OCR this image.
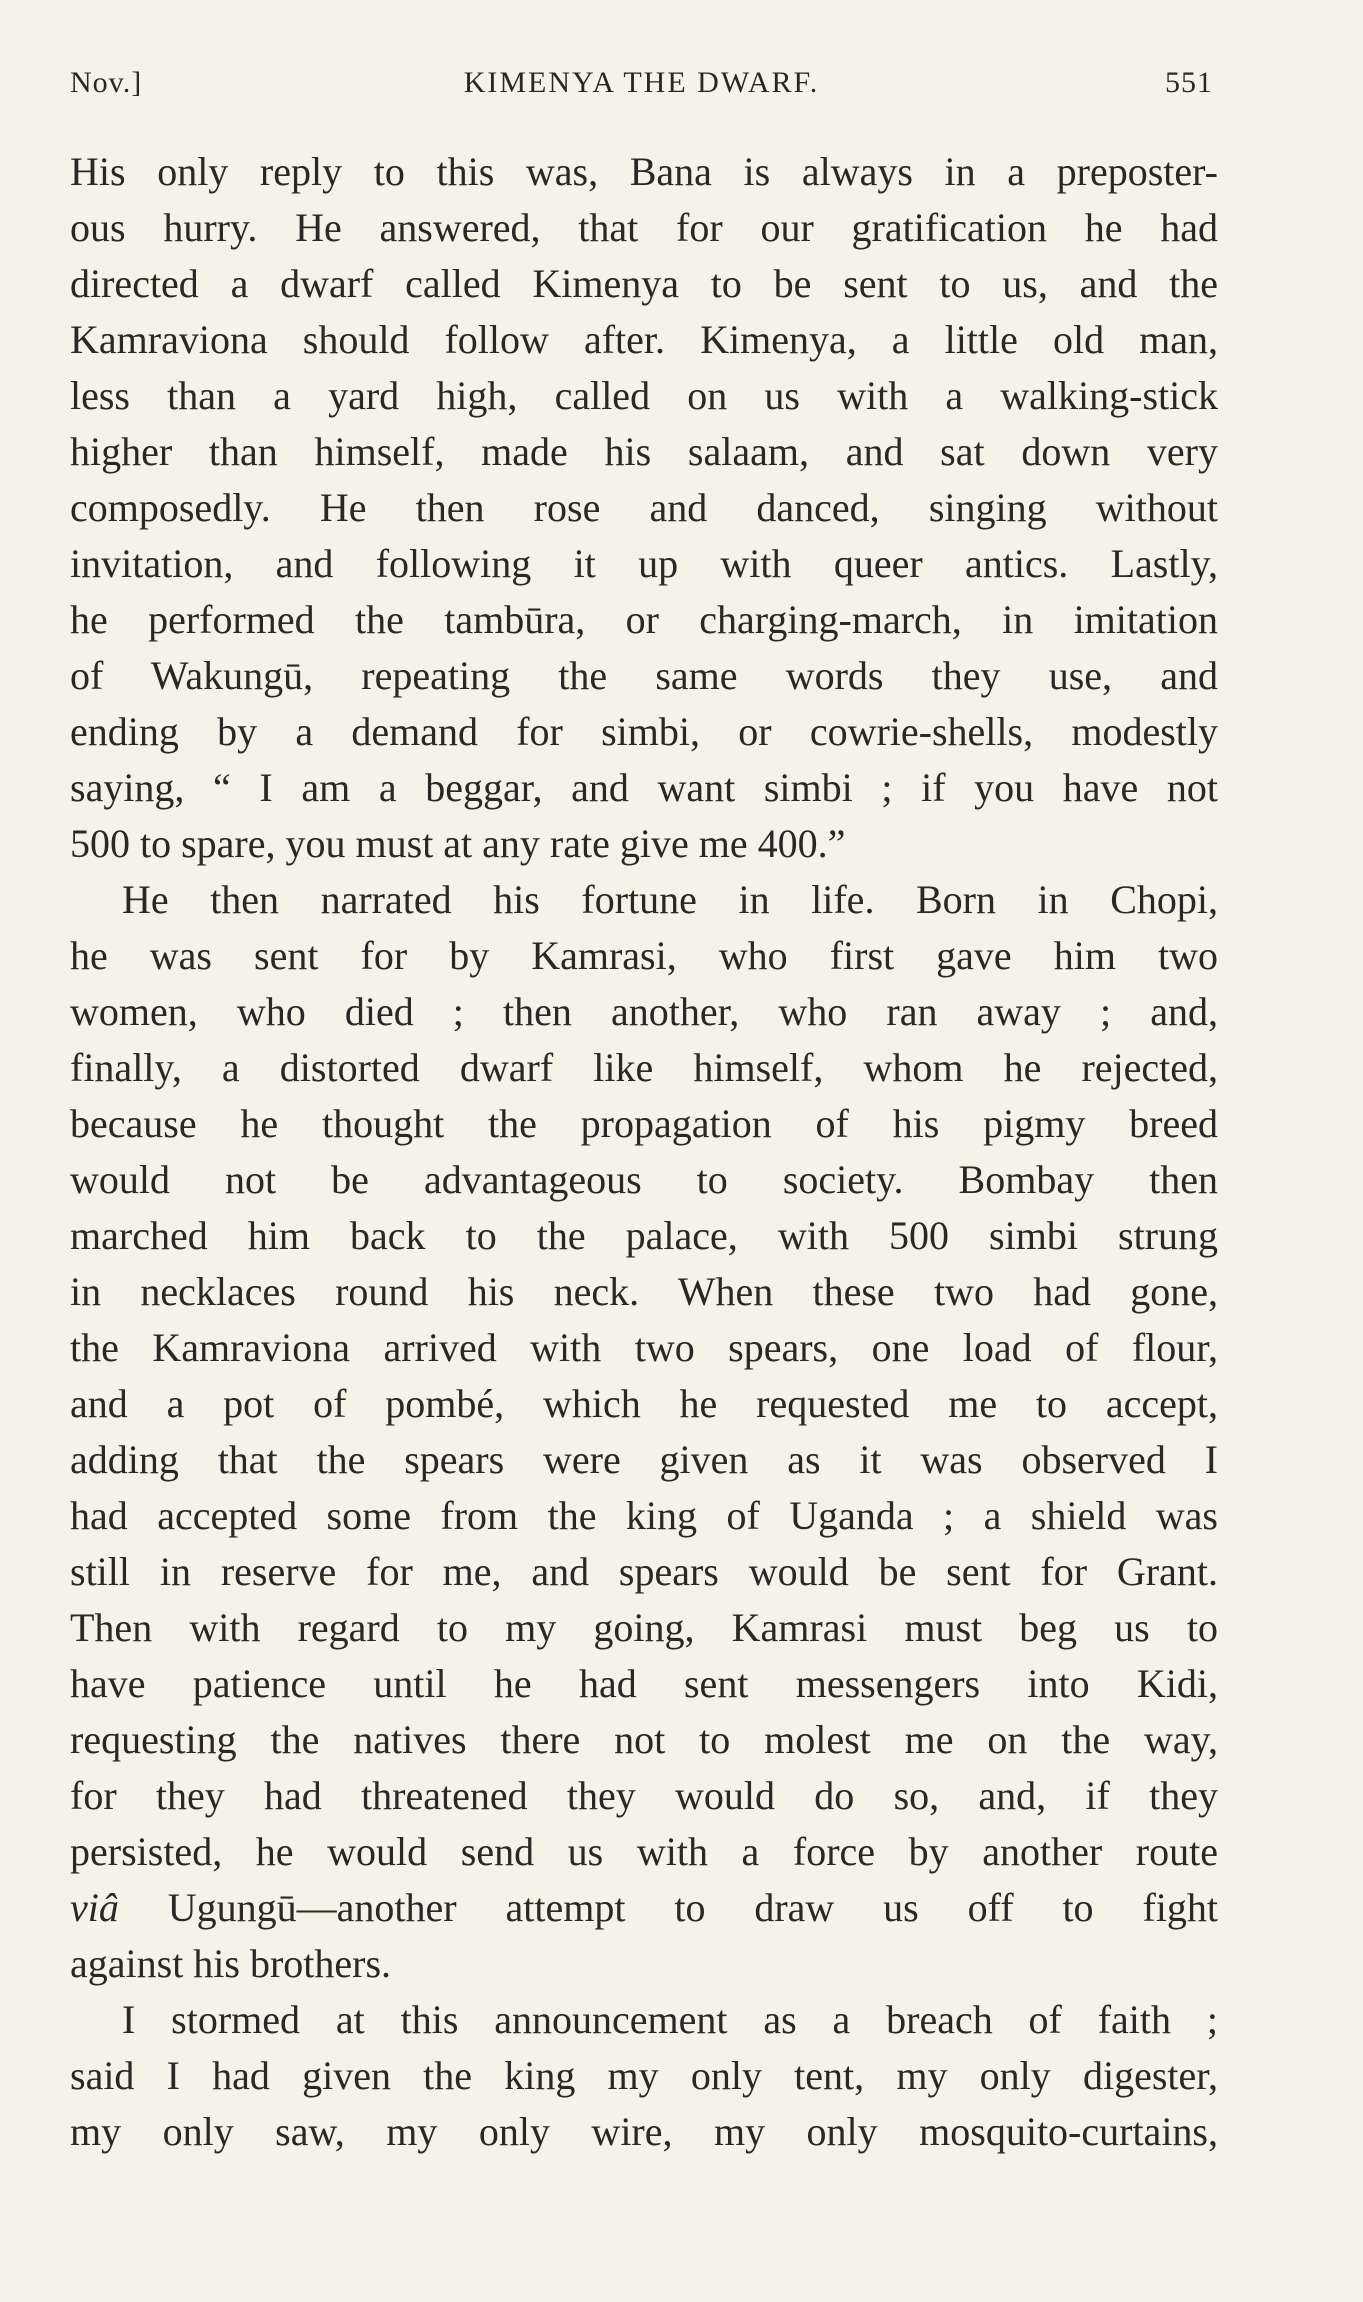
Nov.]	KIMENYA THE DWARF.	551
His only reply to this was, Bana is always in a preposter-
ous hurry. He answered, that for our gratification he had
directed a dwarf called Kimenya to be sent to us, and the
Kamraviona should follow after. Kimenya, a little old man,
less than a yard high, called on us with a walking-stick
higher than himself, made his salaam, and sat down very
composedly. He then rose and danced, singing without
invitation, and following it up with queer antics. Lastly,
he performed the tambūra, or charging-march, in imitation
of Wakungū, repeating the same words they use, and
ending by a demand for simbi, or cowrie-shells, modestly
saying, “ I am a beggar, and want simbi ; if you have not
500 to spare, you must at any rate give me 400.”
He then narrated his fortune in life. Born in Chopi,
he was sent for by Kamrasi, who first gave him two
women, who died ; then another, who ran away ; and,
finally, a distorted dwarf like himself, whom he rejected,
because he thought the propagation of his pigmy breed
would not be advantageous to society. Bombay then
marched him back to the palace, with 500 simbi strung
in necklaces round his neck. When these two had gone,
the Kamraviona arrived with two spears, one load of flour,
and a pot of pombé, which he requested me to accept,
adding that the spears were given as it was observed I
had accepted some from the king of Uganda ; a shield was
still in reserve for me, and spears would be sent for Grant.
Then with regard to my going, Kamrasi must beg us to
have patience until he had sent messengers into Kidi,
requesting the natives there not to molest me on the way,
for they had threatened they would do so, and, if they
persisted, he would send us with a force by another route
viâ Ugungū—another attempt to draw us off to fight
against his brothers.
I stormed at this announcement as a breach of faith ;
said I had given the king my only tent, my only digester,
my only saw, my only wire, my only mosquito-curtains,
